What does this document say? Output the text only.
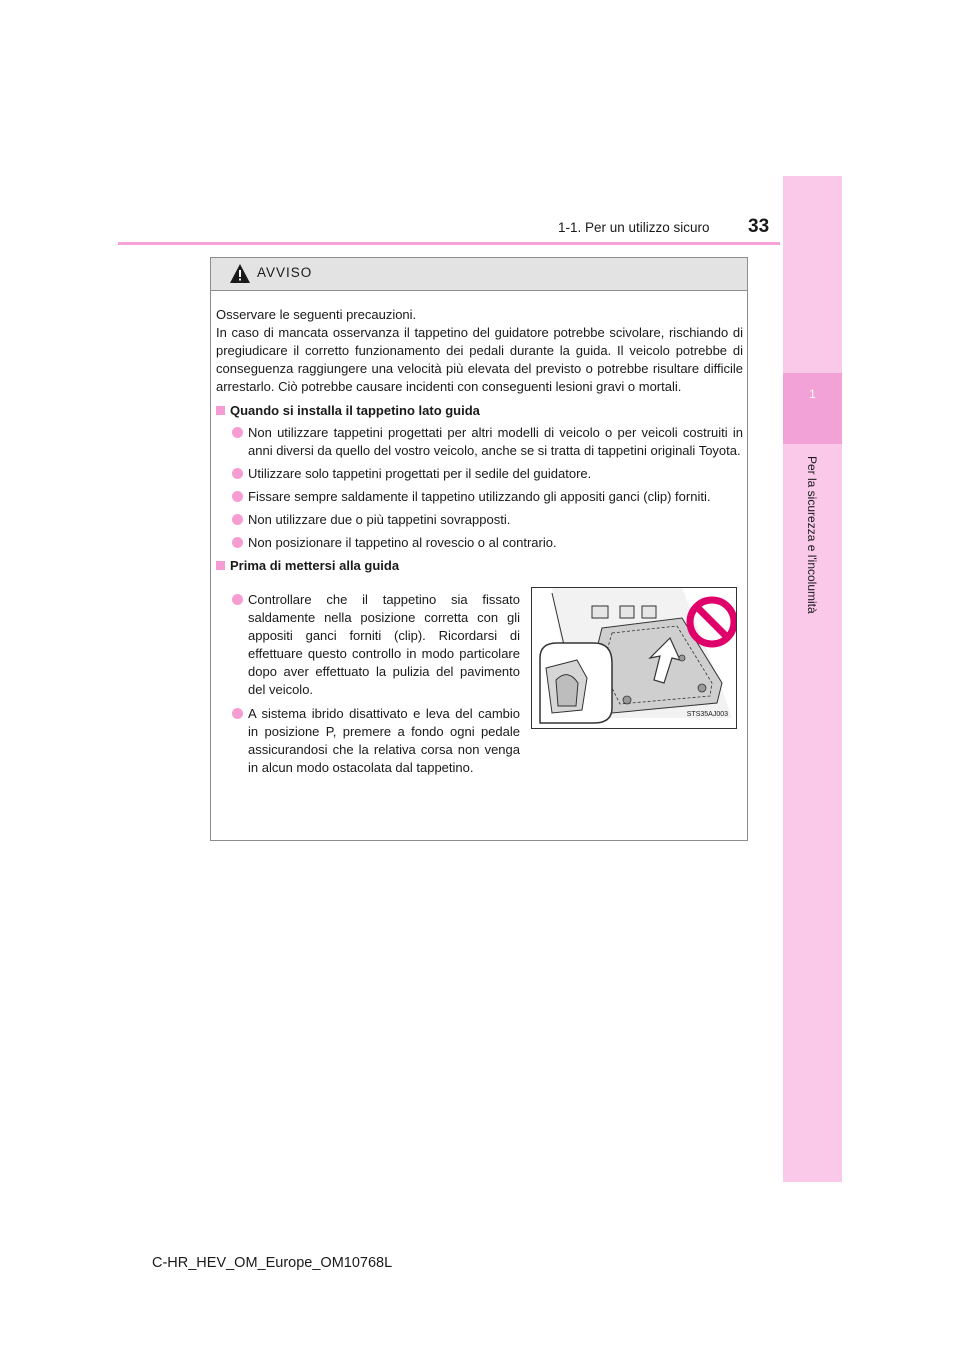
1-1. Per un utilizzo sicuro 33
1
Per la sicurezza e l'incolumità
AVVISO

Osservare le seguenti precauzioni.
In caso di mancata osservanza il tappetino del guidatore potrebbe scivolare, rischiando di pregiudicare il corretto funzionamento dei pedali durante la guida. Il veicolo potrebbe di conseguenza raggiungere una velocità più elevata del previsto o potrebbe risultare difficile arrestarlo. Ciò potrebbe causare incidenti con conseguenti lesioni gravi o mortali.

Quando si installa il tappetino lato guida
Non utilizzare tappetini progettati per altri modelli di veicolo o per veicoli costruiti in anni diversi da quello del vostro veicolo, anche se si tratta di tappetini originali Toyota.
Utilizzare solo tappetini progettati per il sedile del guidatore.
Fissare sempre saldamente il tappetino utilizzando gli appositi ganci (clip) forniti.
Non utilizzare due o più tappetini sovrapposti.
Non posizionare il tappetino al rovescio o al contrario.
Prima di mettersi alla guida
Controllare che il tappetino sia fissato saldamente nella posizione corretta con gli appositi ganci forniti (clip). Ricordarsi di effettuare questo controllo in modo particolare dopo aver effettuato la pulizia del pavimento del veicolo.
A sistema ibrido disattivato e leva del cambio in posizione P, premere a fondo ogni pedale assicurandosi che la relativa corsa non venga in alcun modo ostacolata dal tappetino.
STS35AJ003
C-HR_HEV_OM_Europe_OM10768L
